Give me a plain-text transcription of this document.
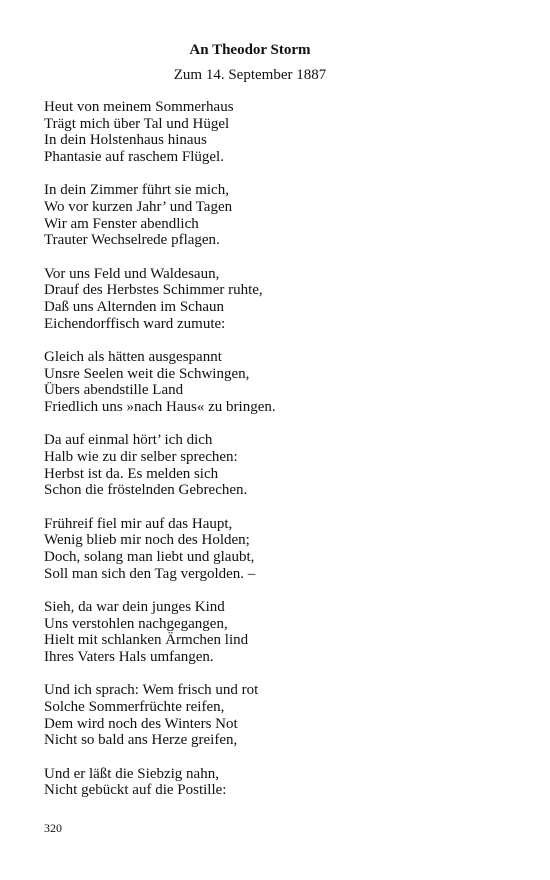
An Theodor Storm
Zum 14. September 1887
Heut von meinem Sommerhaus
Trägt mich über Tal und Hügel
In dein Holstenhaus hinaus
Phantasie auf raschem Flügel.
In dein Zimmer führt sie mich,
Wo vor kurzen Jahr’ und Tagen
Wir am Fenster abendlich
Trauter Wechselrede pflagen.
Vor uns Feld und Waldesaun,
Drauf des Herbstes Schimmer ruhte,
Daß uns Alternden im Schaun
Eichendorffisch ward zumute:
Gleich als hätten ausgespannt
Unsre Seelen weit die Schwingen,
Übers abendstille Land
Friedlich uns »nach Haus« zu bringen.
Da auf einmal hört’ ich dich
Halb wie zu dir selber sprechen:
Herbst ist da. Es melden sich
Schon die fröstelnden Gebrechen.
Frühreif fiel mir auf das Haupt,
Wenig blieb mir noch des Holden;
Doch, solang man liebt und glaubt,
Soll man sich den Tag vergolden. –
Sieh, da war dein junges Kind
Uns verstohlen nachgegangen,
Hielt mit schlanken Ärmchen lind
Ihres Vaters Hals umfangen.
Und ich sprach: Wem frisch und rot
Solche Sommerfrüchte reifen,
Dem wird noch des Winters Not
Nicht so bald ans Herze greifen,
Und er läßt die Siebzig nahn,
Nicht gebückt auf die Postille:
320
